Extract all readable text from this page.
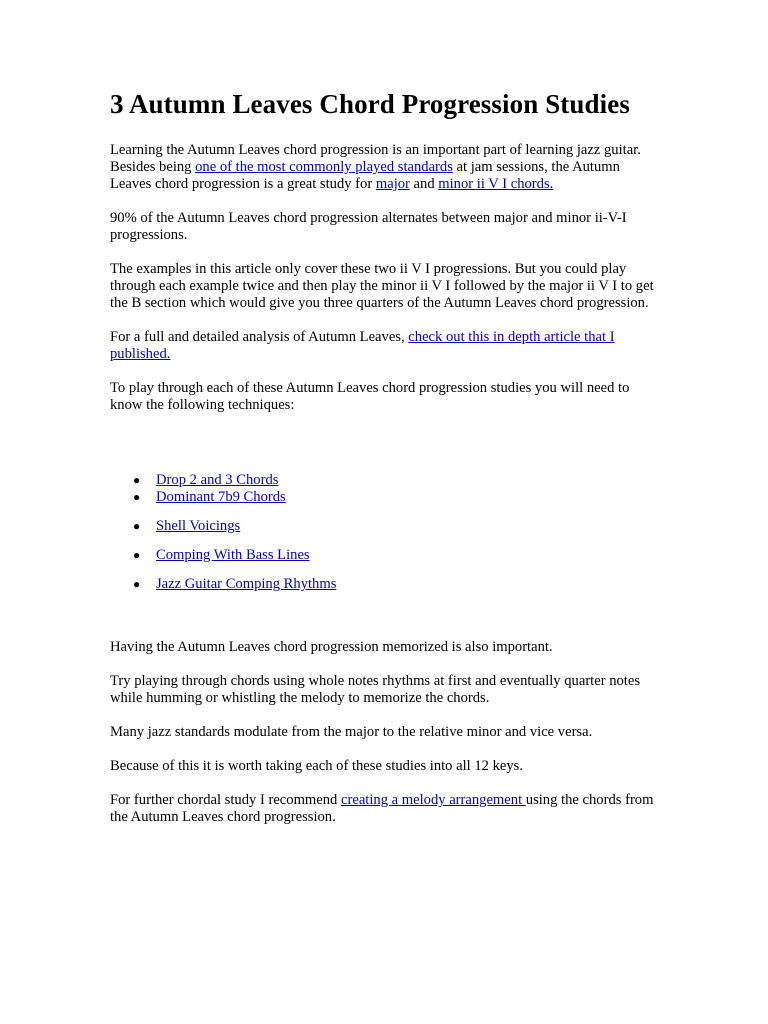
3 Autumn Leaves Chord Progression Studies

Learning the Autumn Leaves chord progression is an important part of learning jazz guitar. Besides being one of the most commonly played standards at jam sessions, the Autumn Leaves chord progression is a great study for major and minor ii V I chords.

90% of the Autumn Leaves chord progression alternates between major and minor ii-V-I progressions.

The examples in this article only cover these two ii V I progressions. But you could play through each example twice and then play the minor ii V I followed by the major ii V I to get the B section which would give you three quarters of the Autumn Leaves chord progression.

For a full and detailed analysis of Autumn Leaves, check out this in depth article that I published.

To play through each of these Autumn Leaves chord progression studies you will need to know the following techniques:

● Drop 2 and 3 Chords
● Dominant 7b9 Chords
● Shell Voicings
● Comping With Bass Lines
● Jazz Guitar Comping Rhythms

Having the Autumn Leaves chord progression memorized is also important.

Try playing through chords using whole notes rhythms at first and eventually quarter notes while humming or whistling the melody to memorize the chords.

Many jazz standards modulate from the major to the relative minor and vice versa.

Because of this it is worth taking each of these studies into all 12 keys.

For further chordal study I recommend creating a melody arrangement using the chords from the Autumn Leaves chord progression.
